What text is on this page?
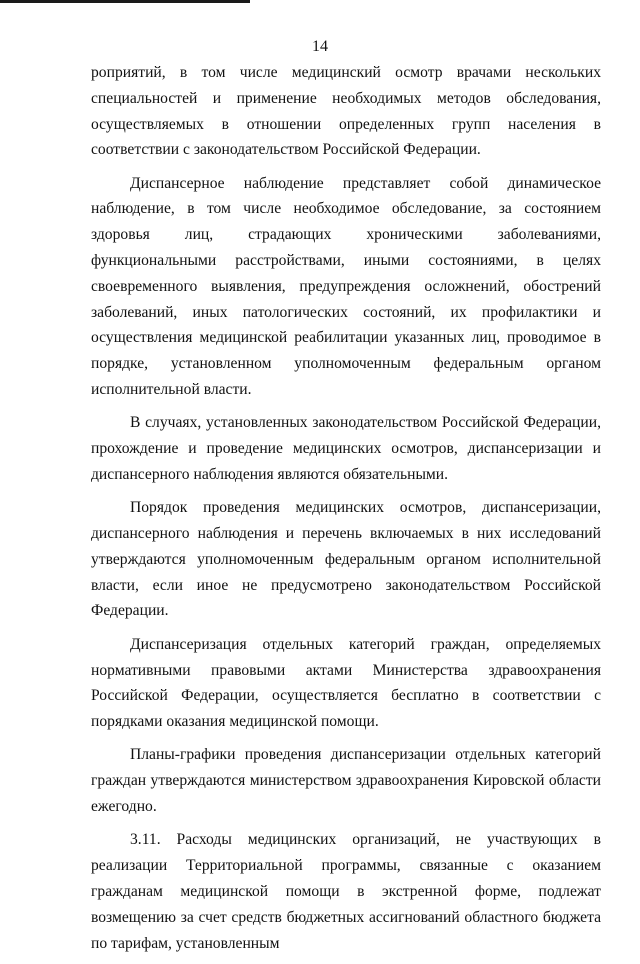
14

роприятий, в том числе медицинский осмотр врачами нескольких специальностей и применение необходимых методов обследования, осуществляемых в отношении определенных групп населения в соответствии с законодательством Российской Федерации.

Диспансерное наблюдение представляет собой динамическое наблюдение, в том числе необходимое обследование, за состоянием здоровья лиц, страдающих хроническими заболеваниями, функциональными расстройствами, иными состояниями, в целях своевременного выявления, предупреждения осложнений, обострений заболеваний, иных патологических состояний, их профилактики и осуществления медицинской реабилитации указанных лиц, проводимое в порядке, установленном уполномоченным федеральным органом исполнительной власти.

В случаях, установленных законодательством Российской Федерации, прохождение и проведение медицинских осмотров, диспансеризации и диспансерного наблюдения являются обязательными.

Порядок проведения медицинских осмотров, диспансеризации, диспансерного наблюдения и перечень включаемых в них исследований утверждаются уполномоченным федеральным органом исполнительной власти, если иное не предусмотрено законодательством Российской Федерации.

Диспансеризация отдельных категорий граждан, определяемых нормативными правовыми актами Министерства здравоохранения Российской Федерации, осуществляется бесплатно в соответствии с порядками оказания медицинской помощи.

Планы-графики проведения диспансеризации отдельных категорий граждан утверждаются министерством здравоохранения Кировской области ежегодно.

3.11. Расходы медицинских организаций, не участвующих в реализации Территориальной программы, связанные с оказанием гражданам медицинской помощи в экстренной форме, подлежат возмещению за счет средств бюджетных ассигнований областного бюджета по тарифам, установленным
